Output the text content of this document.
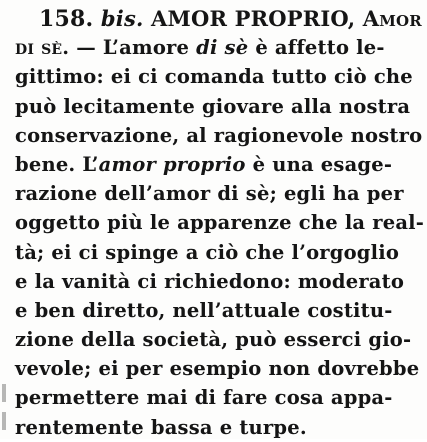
158. bis. AMOR PROPRIO, Amor
di sè. — L’amore di sè è affetto le-
gittimo: ei ci comanda tutto ciò che
può lecitamente giovare alla nostra
conservazione, al ragionevole nostro
bene. L’amor proprio è una esage-
razione dell’amor di sè; egli ha per
oggetto più le apparenze che la real-
tà; ei ci spinge a ciò che l’orgoglio
e la vanità ci richiedono: moderato
e ben diretto, nell’attuale costitu-
zione della società, può esserci gio-
vevole; ei per esempio non dovrebbe
permettere mai di fare cosa appa-
rentemente bassa e turpe.
